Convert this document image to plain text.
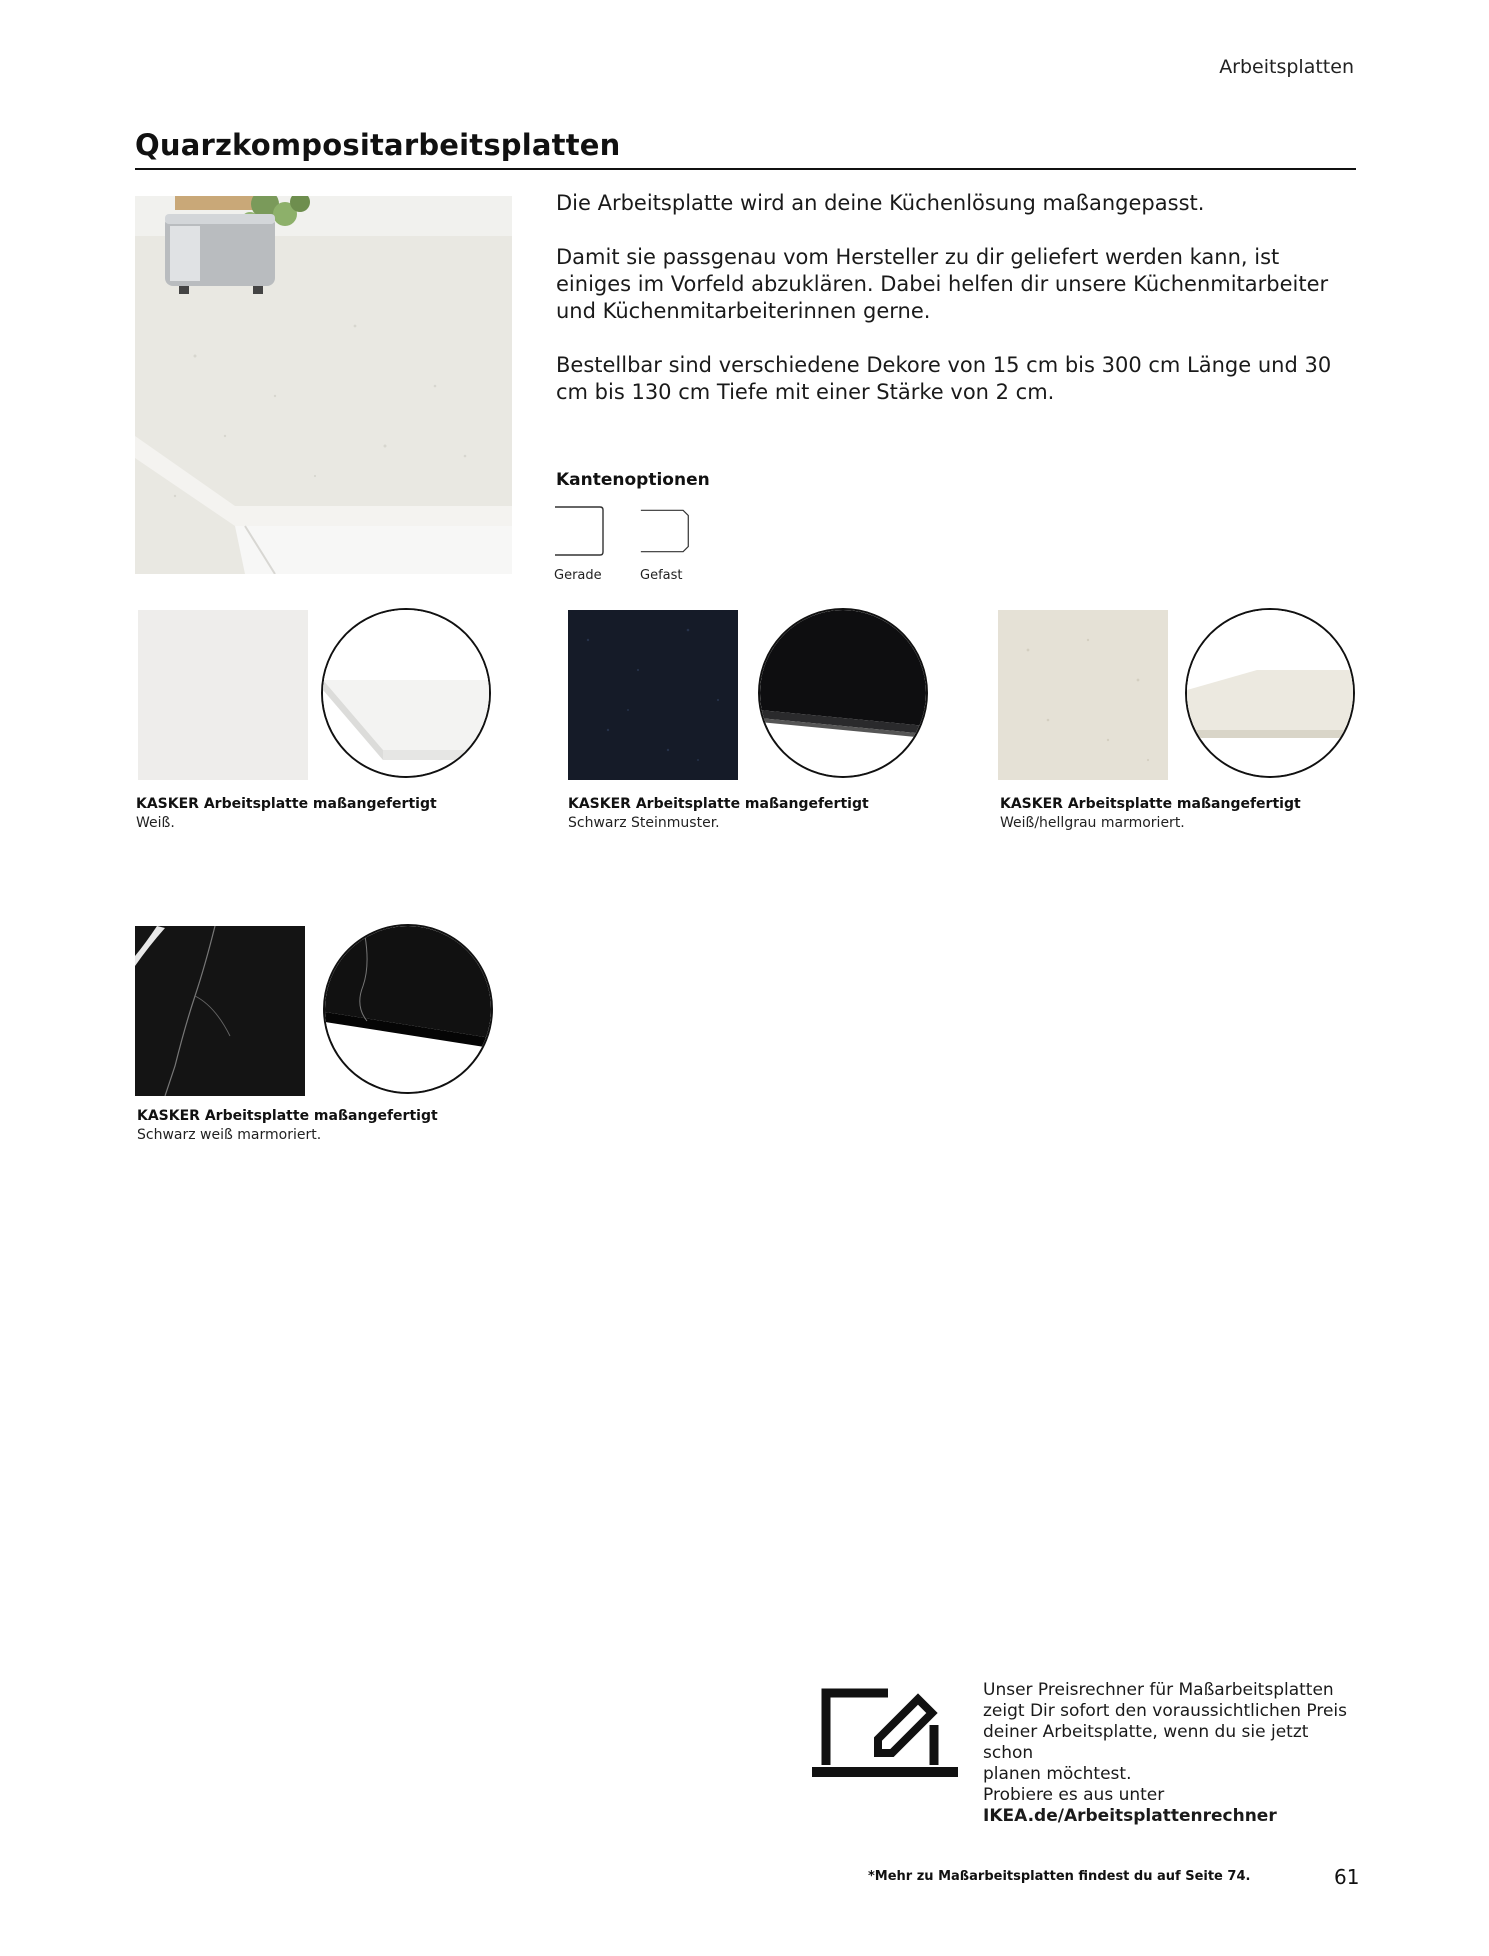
Arbeitsplatten
Quarzkompositarbeitsplatten

Die Arbeitsplatte wird an deine Küchenlösung maßangepasst.

Damit sie passgenau vom Hersteller zu dir geliefert werden kann, ist einiges im Vorfeld abzuklären. Dabei helfen dir unsere Küchenmitarbeiter und Küchenmitarbeiterinnen gerne.

Bestellbar sind verschiedene Dekore von 15 cm bis 300 cm Länge und 30 cm bis 130 cm Tiefe mit einer Stärke von 2 cm.

Kantenoptionen
Gerade	Gefast
KASKER Arbeitsplatte maßangefertigt
Weiß.
KASKER Arbeitsplatte maßangefertigt
Schwarz Steinmuster.
KASKER Arbeitsplatte maßangefertigt
Weiß/hellgrau marmoriert.
KASKER Arbeitsplatte maßangefertigt
Schwarz weiß marmoriert.
Unser Preisrechner für Maßarbeitsplatten
zeigt Dir sofort den voraussichtlichen Preis
deiner Arbeitsplatte, wenn du sie jetzt schon
planen möchtest.
Probiere es aus unter
IKEA.de/Arbeitsplattenrechner
*Mehr zu Maßarbeitsplatten findest du auf Seite 74.	61
